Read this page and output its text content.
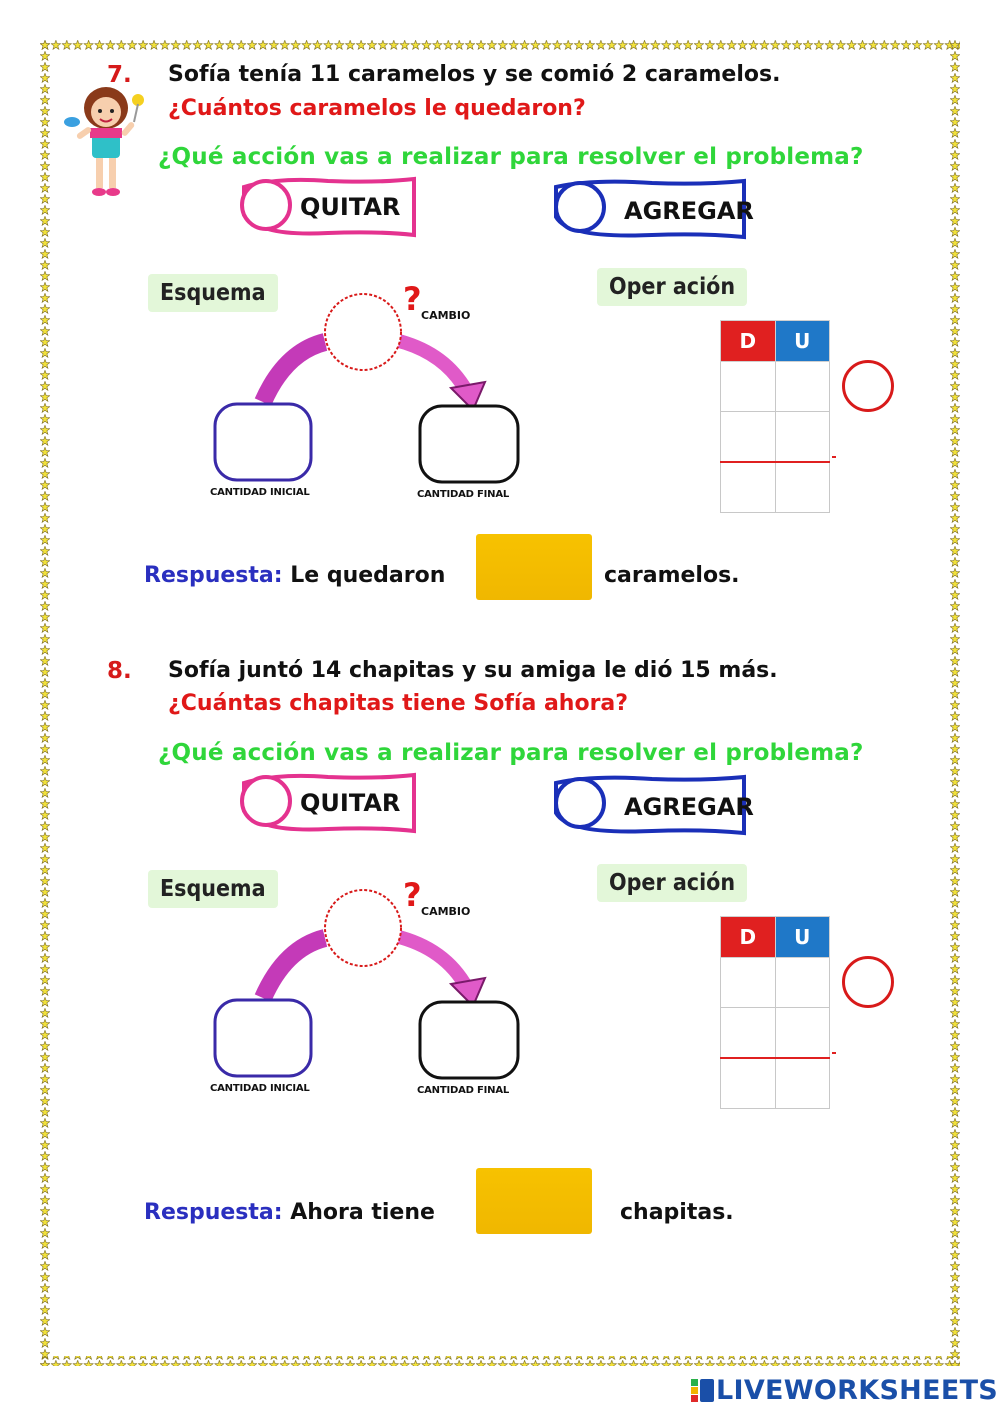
7. Sofía tenía 11 caramelos y se comió 2 caramelos.
¿Cuántos caramelos le quedaron?
¿Qué acción vas a realizar para resolver el problema?
QUITAR	AGREGAR
Esquema	? CAMBIO
CANTIDAD INICIAL	CANTIDAD FINAL
Oper ación
D	U

Respuesta: Le quedaron	caramelos.
8. Sofía juntó 14 chapitas y su amiga le dió 15 más.
¿Cuántas chapitas tiene Sofía ahora?
¿Qué acción vas a realizar para resolver el problema?
QUITAR	AGREGAR
Esquema	? CAMBIO
CANTIDAD INICIAL	CANTIDAD FINAL
Oper ación
D	U

Respuesta: Ahora tiene	chapitas.
LIVEWORKSHEETS
